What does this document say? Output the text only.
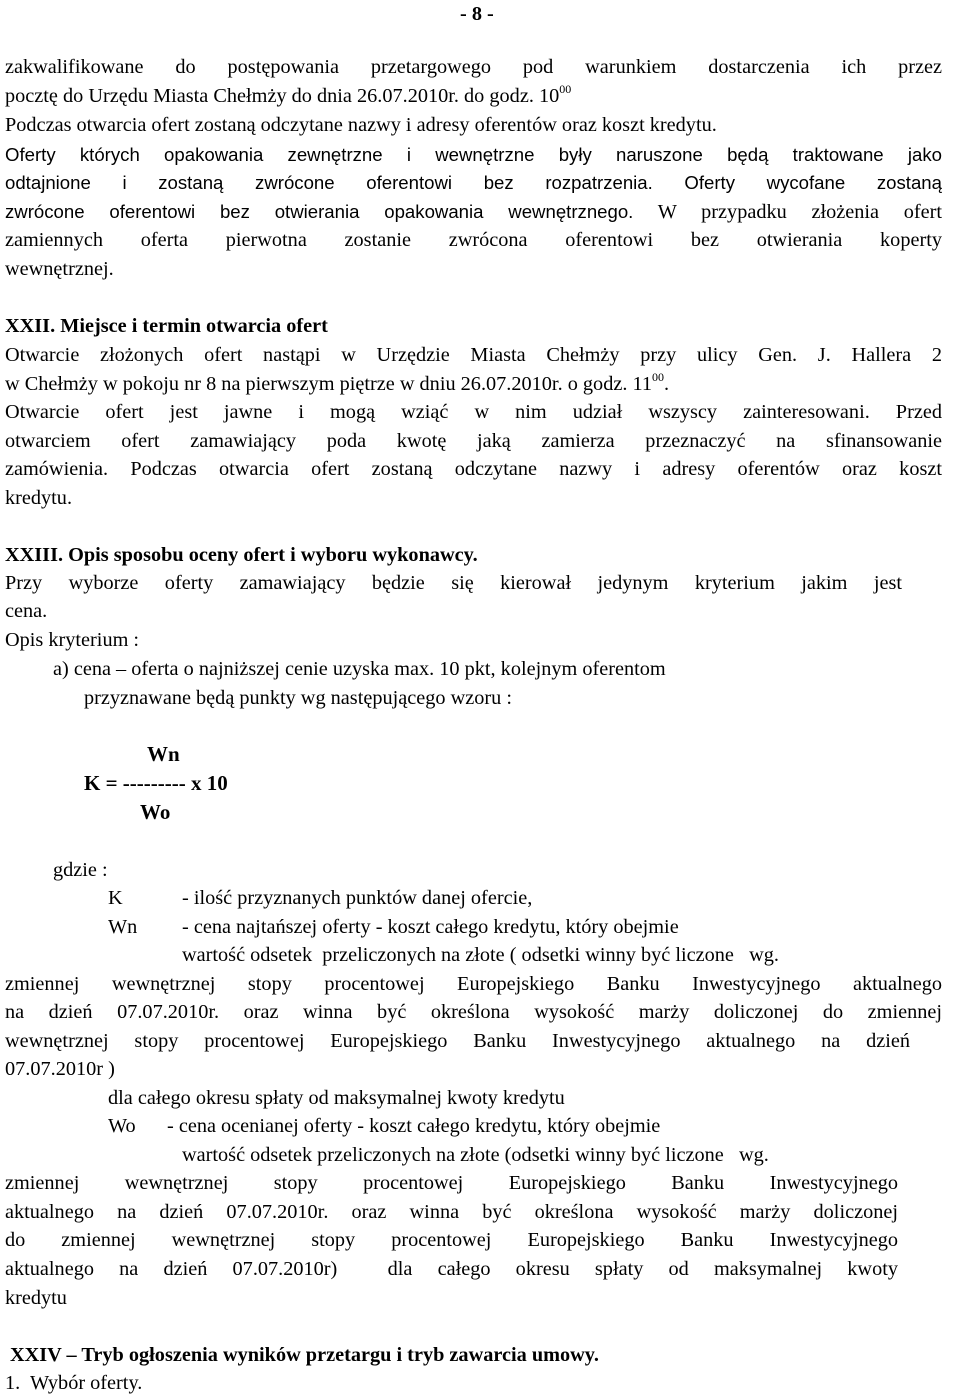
- 8 -
zakwalifikowane do postępowania przetargowego pod warunkiem dostarczenia ich przez
pocztę do Urzędu Miasta Chełmży do dnia 26.07.2010r. do godz. $10^{00}$
Podczas otwarcia ofert zostaną odczytane nazwy i adresy oferentów oraz koszt kredytu.
Oferty których opakowania zewnętrzne i wewnętrzne były naruszone będą traktowane jako
odtajnione i zostaną zwrócone oferentowi bez rozpatrzenia. Oferty wycofane zostaną
zwrócone oferentowi bez otwierania opakowania wewnętrznego. W przypadku złożenia ofert
zamiennych oferta pierwotna zostanie zwrócona oferentowi bez otwierania koperty
wewnętrznej.
XXII. Miejsce i termin otwarcia ofert
Otwarcie złożonych ofert nastąpi w Urzędzie Miasta Chełmży przy ulicy Gen. J. Hallera 2
w Chełmży w pokoju nr 8 na pierwszym piętrze w dniu 26.07.2010r. o godz. $11^{00}$.
Otwarcie ofert jest jawne i mogą wziąć w nim udział wszyscy zainteresowani. Przed
otwarciem ofert zamawiający poda kwotę jaką zamierza przeznaczyć na sfinansowanie
zamówienia. Podczas otwarcia ofert zostaną odczytane nazwy i adresy oferentów oraz koszt
kredytu.
XXIII. Opis sposobu oceny ofert i wyboru wykonawcy.
Przy wyborze oferty zamawiający będzie się kierował jedynym kryterium jakim jest
cena.
Opis kryterium :
a) cena – oferta o najniższej cenie uzyska max. 10 pkt, kolejnym oferentom
przyznawane będą punkty wg następującego wzoru :
Wn
K = --------- x 10
Wo
gdzie :
K	- ilość przyznanych punktów danej ofercie,
Wn - cena najtańszej oferty - koszt całego kredytu, który obejmie
wartość odsetek  przeliczonych na złote ( odsetki winny być liczone   wg.
zmiennej wewnętrznej stopy procentowej Europejskiego Banku Inwestycyjnego aktualnego
na dzień 07.07.2010r. oraz winna być określona wysokość marży doliczonej do zmiennej
wewnętrznej stopy procentowej Europejskiego Banku Inwestycyjnego aktualnego na dzień
07.07.2010r )
dla całego okresu spłaty od maksymalnej kwoty kredytu
Wo - cena ocenianej oferty - koszt całego kredytu, który obejmie
wartość odsetek przeliczonych na złote (odsetki winny być liczone   wg.
zmiennej wewnętrznej stopy procentowej Europejskiego Banku Inwestycyjnego
aktualnego na dzień 07.07.2010r. oraz winna być określona wysokość marży doliczonej
do zmiennej wewnętrznej stopy procentowej Europejskiego Banku Inwestycyjnego
aktualnego na dzień 07.07.2010r)  dla całego okresu spłaty od maksymalnej kwoty
kredytu
XXIV – Tryb ogłoszenia wyników przetargu i tryb zawarcia umowy.
1.  Wybór oferty.
